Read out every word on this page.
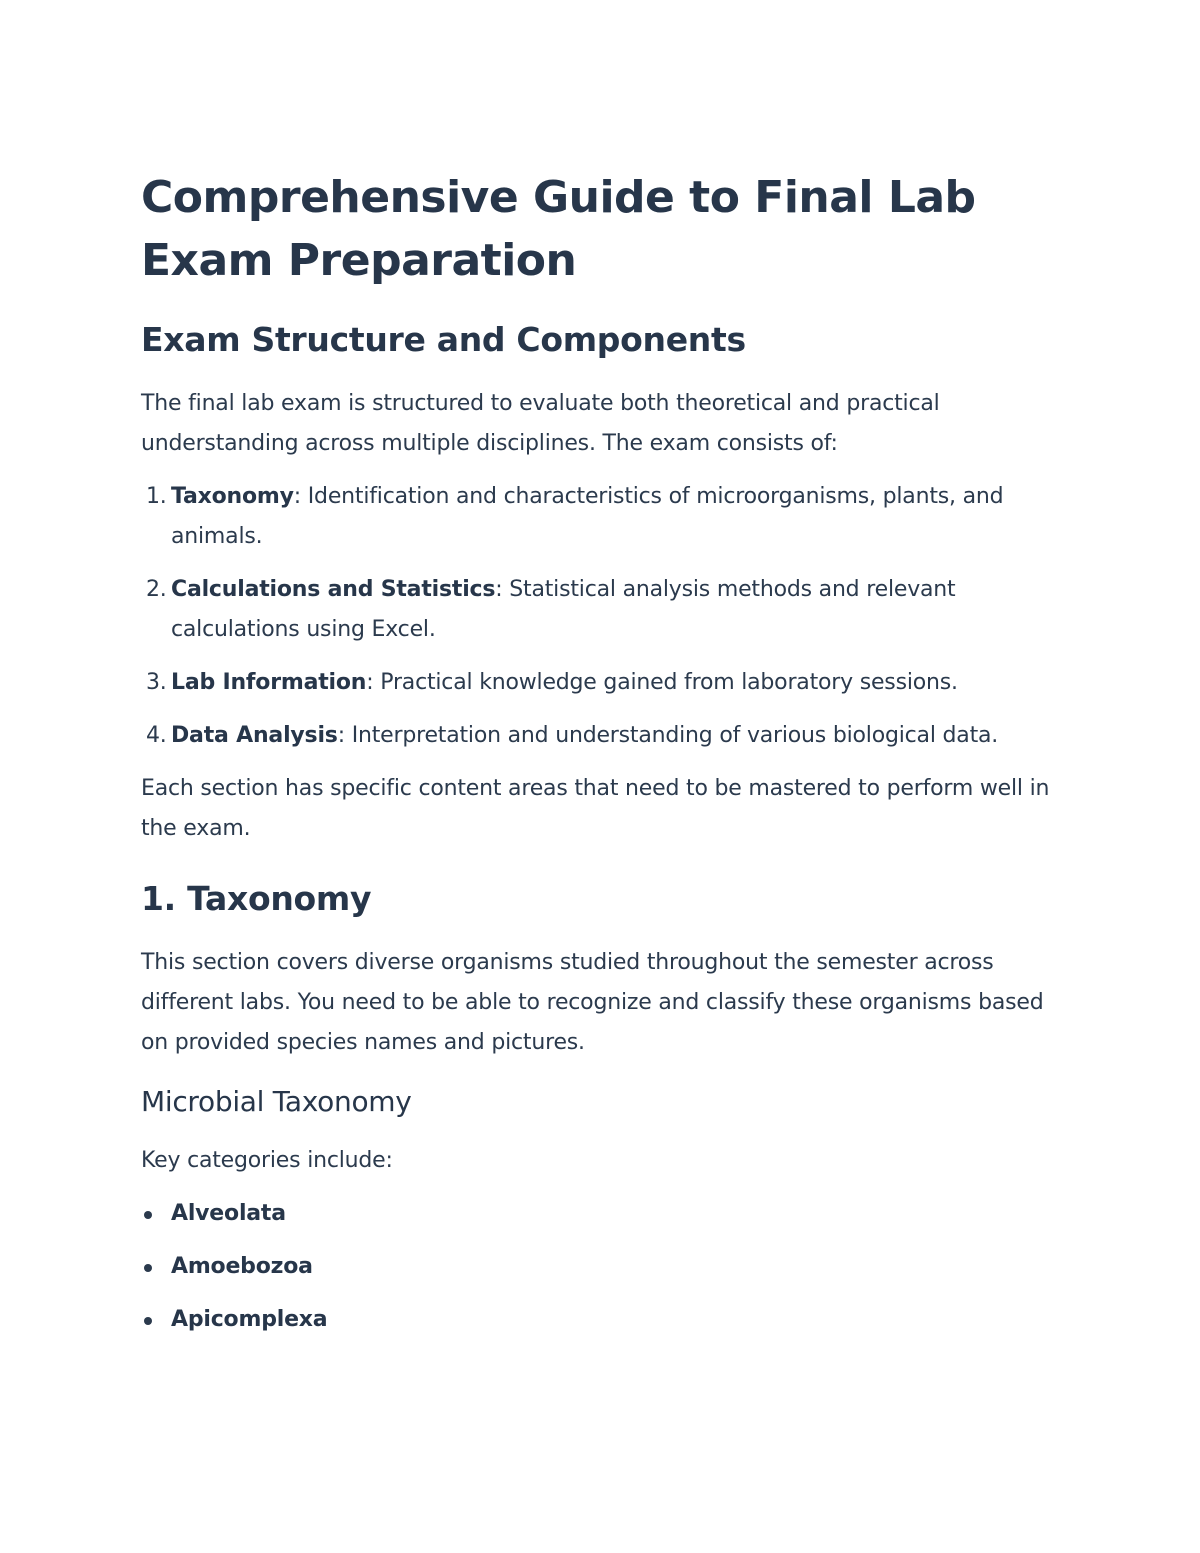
Comprehensive Guide to Final Lab Exam Preparation
Exam Structure and Components

The final lab exam is structured to evaluate both theoretical and practical understanding across multiple disciplines. The exam consists of:

1. Taxonomy: Identification and characteristics of microorganisms, plants, and animals.
2. Calculations and Statistics: Statistical analysis methods and relevant calculations using Excel.
3. Lab Information: Practical knowledge gained from laboratory sessions.
4. Data Analysis: Interpretation and understanding of various biological data.

Each section has specific content areas that need to be mastered to perform well in the exam.

1. Taxonomy

This section covers diverse organisms studied throughout the semester across different labs. You need to be able to recognize and classify these organisms based on provided species names and pictures.

Microbial Taxonomy

Key categories include:

Alveolata
Amoebozoa
Apicomplexa
